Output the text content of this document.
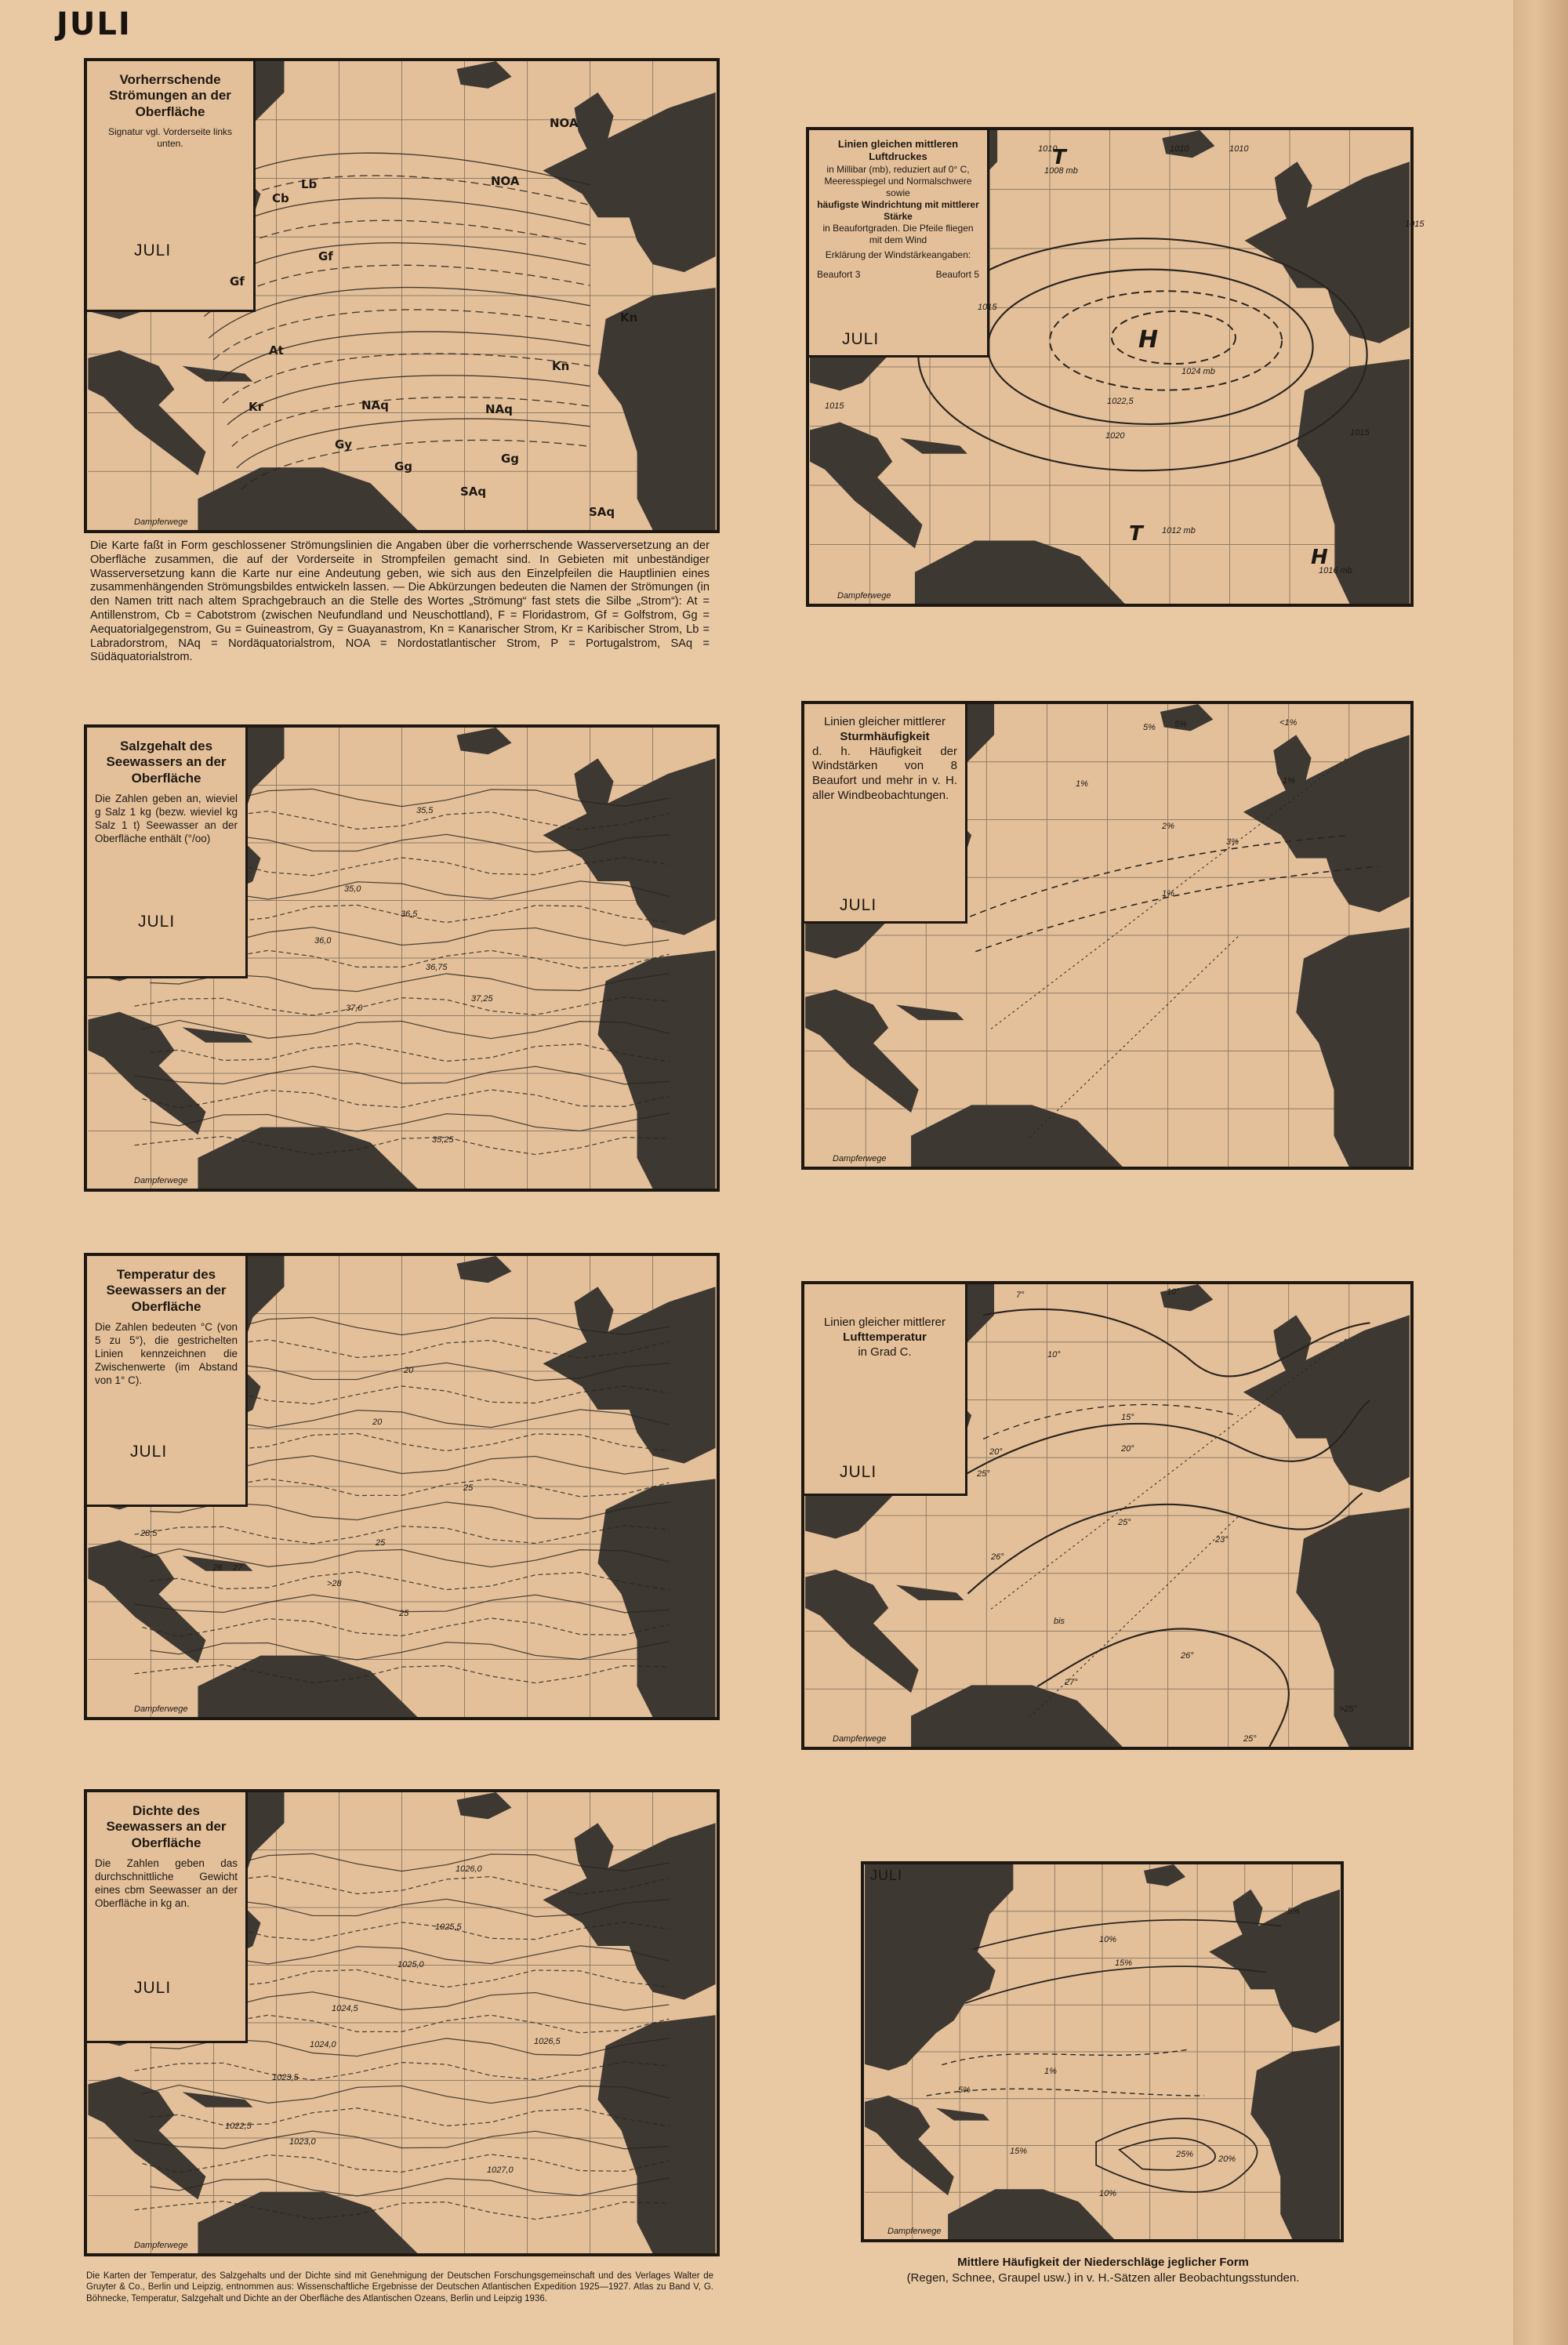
JULI
Vorherrschende Strömungen an der Oberfläche
Signatur vgl. Vorderseite links unten.
JULI
NOA
NOA
Lb
Cb
Gf
Gf
At
Kr
Kn
Kn
NAq	NAq
Gy
Gg
Gg
SAq
SAq
Dampferwege
Die Karte faßt in Form geschlossener Strömungslinien die Angaben über die vorherrschende Wasserversetzung an der Oberfläche zusammen, die auf der Vorderseite in Strompfeilen gemacht sind. In Gebieten mit unbeständiger Wasserversetzung kann die Karte nur eine Andeutung geben, wie sich aus den Einzelpfeilen die Hauptlinien eines zusammenhängenden Strömungsbildes entwickeln lassen. — Die Abkürzungen bedeuten die Namen der Strömungen (in den Namen tritt nach altem Sprachgebrauch an die Stelle des Wortes „Strömung“ fast stets die Silbe „Strom“): At = Antillenstrom, Cb = Cabotstrom (zwischen Neufundland und Neuschottland), F = Floridastrom, Gf = Golfstrom, Gg = Aequatorialgegenstrom, Gu = Guineastrom, Gy = Guayanastrom, Kn = Kanarischer Strom, Kr = Karibischer Strom, Lb = Labradorstrom, NAq = Nordäquatorialstrom, NOA = Nordostatlantischer Strom, P = Portugalstrom, SAq = Südäquatorialstrom.
Linien gleichen mittleren Luftdruckes
in Millibar (mb), reduziert auf 0° C, Meeresspiegel und Normalschwere sowie
häufigste Windrichtung mit mittlerer Stärke
in Beaufortgraden. Die Pfeile fliegen mit dem Wind
Erklärung der Windstärkeangaben:
Beaufort 3	Beaufort 5
JULI	H
T
T
H
1010	1010	1010
1015
1015
1015
1015
1020
1022,5
1024 mb
1012 mb
1008 mb
1016 mb
Dampferwege
Salzgehalt des Seewassers an der Oberfläche
Die Zahlen geben an, wieviel g Salz 1 kg (bezw. wieviel kg Salz 1 t) Seewasser an der Oberfläche enthält (°/oo)
JULI
35,5
35,0
36,0
36,5
37,0
37,25
36,75
35,25
Dampferwege
Linien gleicher mittlerer
Sturmhäufigkeit
d. h. Häufigkeit der Windstärken von 8 Beaufort und mehr in v. H. aller Windbeobachtungen.
JULI
5% 5%	<1%
1%	1%
2%
3%
1%
Dampferwege
Temperatur des Seewassers an der Oberfläche
Die Zahlen bedeuten °C (von 5 zu 5°), die gestrichelten Linien kennzeichnen die Zwischenwerte (im Abstand von 1° C).
JULI
20
25
25
28,5
28 27
>28
20
25
Dampferwege
Linien gleicher mittlerer
Lufttemperatur
in Grad C.
JULI
7°	10°
10°
15°
20°	20°
25°
25°
23°
26°
27°
26°
25°
>25°
bis
Dampferwege
Dichte des Seewassers an der Oberfläche
Die Zahlen geben das durchschnittliche Gewicht eines cbm Seewasser an der Oberfläche in kg an.
JULI
1026,0
1025,5
1025,0
1024,5
1024,0
1023,5
1026,5
1027,0
1023,0
1022,5
Dampferwege
Die Karten der Temperatur, des Salzgehalts und der Dichte sind mit Genehmigung der Deutschen Forschungsgemeinschaft und des Verlages Walter de Gruyter & Co., Berlin und Leipzig, entnommen aus: Wissenschaftliche Ergebnisse der Deutschen Atlantischen Expedition 1925—1927. Atlas zu Band V, G. Böhnecke, Temperatur, Salzgehalt und Dichte an der Oberfläche des Atlantischen Ozeans, Berlin und Leipzig 1936.
JULI
5%
10%
15%
1%
5%
15%
10%
20%
25%
Dampferwege
Mittlere Häufigkeit der Niederschläge jeglicher Form
(Regen, Schnee, Graupel usw.) in v. H.-Sätzen aller Beobachtungsstunden.
